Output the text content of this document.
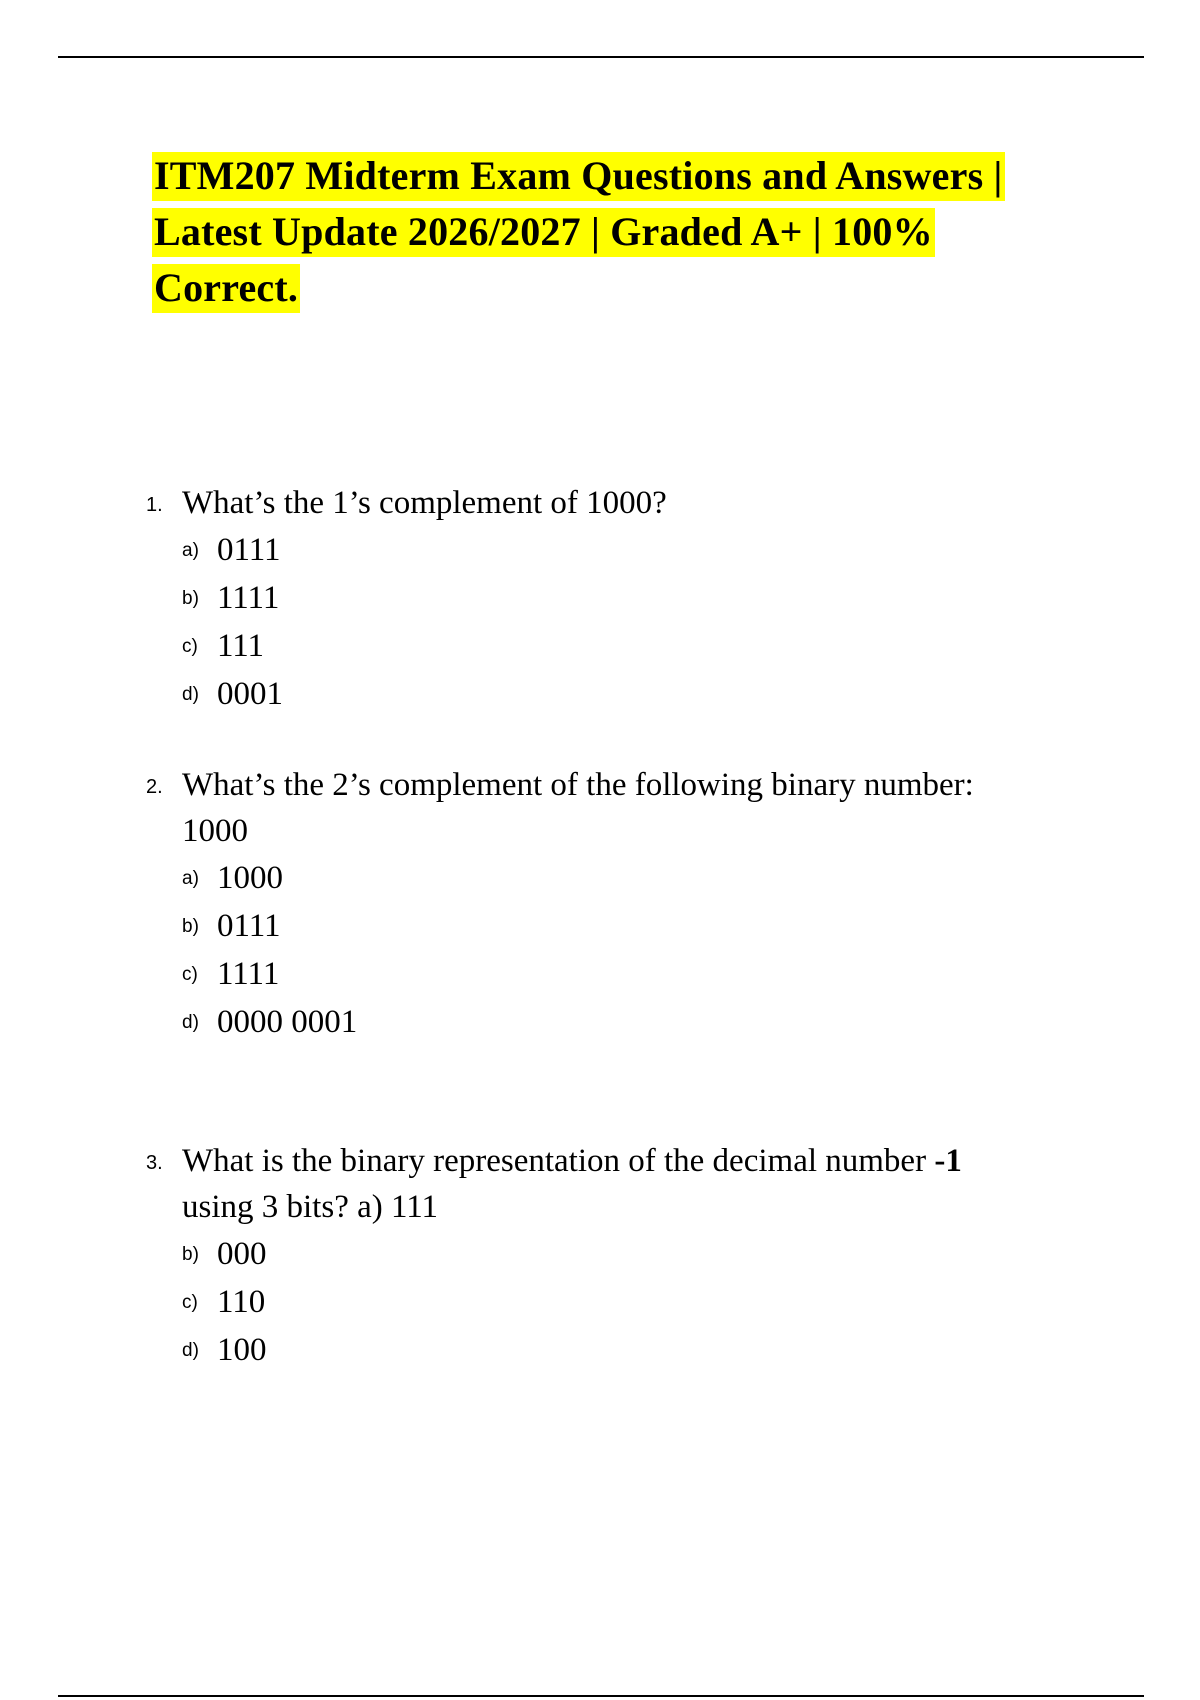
ITM207 Midterm Exam Questions and Answers |
Latest Update 2026/2027 | Graded A+ | 100%
Correct.
1. What’s the 1’s complement of 1000?
a) 0111
b) 1111
c) 111
d) 0001
2. What’s the 2’s complement of the following binary number:
1000
a) 1000
b) 0111
c) 1111
d) 0000 0001
3. What is the binary representation of the decimal number -1
using 3 bits? a) 111
b) 000
c) 110
d) 100
